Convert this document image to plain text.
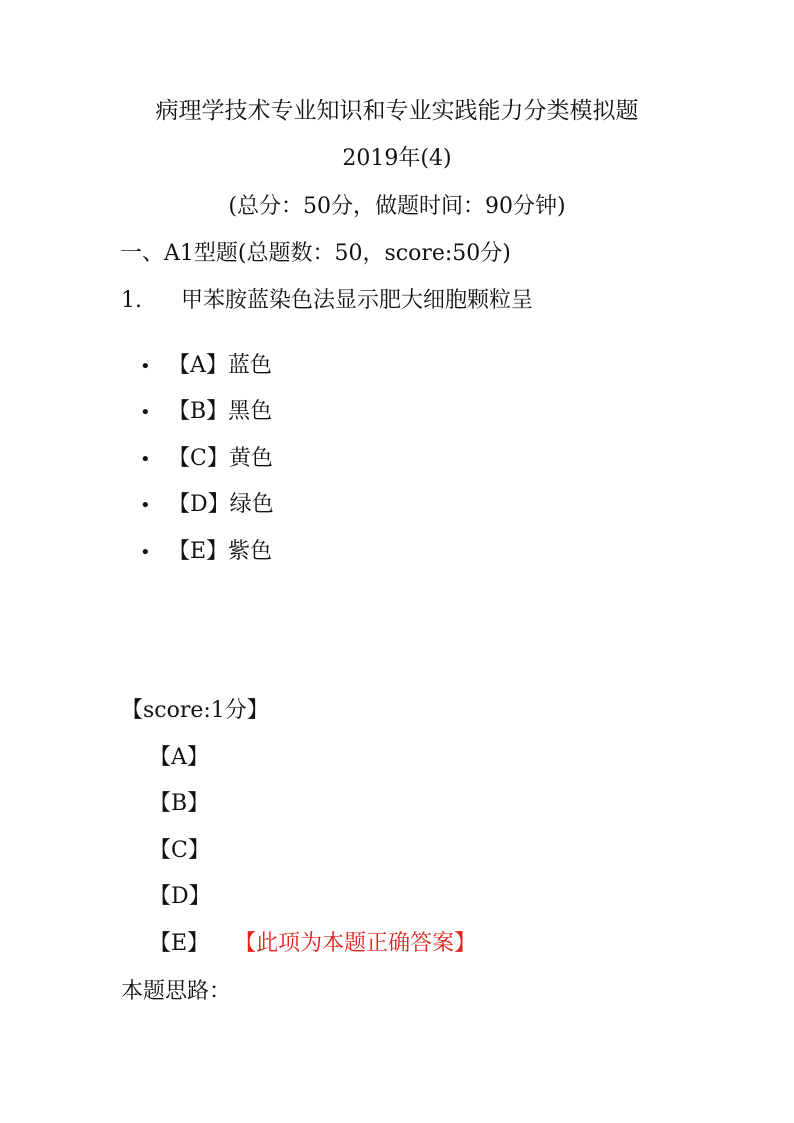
病理学技术专业知识和专业实践能力分类模拟题
2019年(4)
(总分：50分，做题时间：90分钟)
一、A1型题(总题数：50，score:50分)
1. 甲苯胺蓝染色法显示肥大细胞颗粒呈
• 【A】蓝色
• 【B】黑色
• 【C】黄色
• 【D】绿色
• 【E】紫色
【score:1分】
【A】
【B】
【C】
【D】
【E】 【此项为本题正确答案】
本题思路：
